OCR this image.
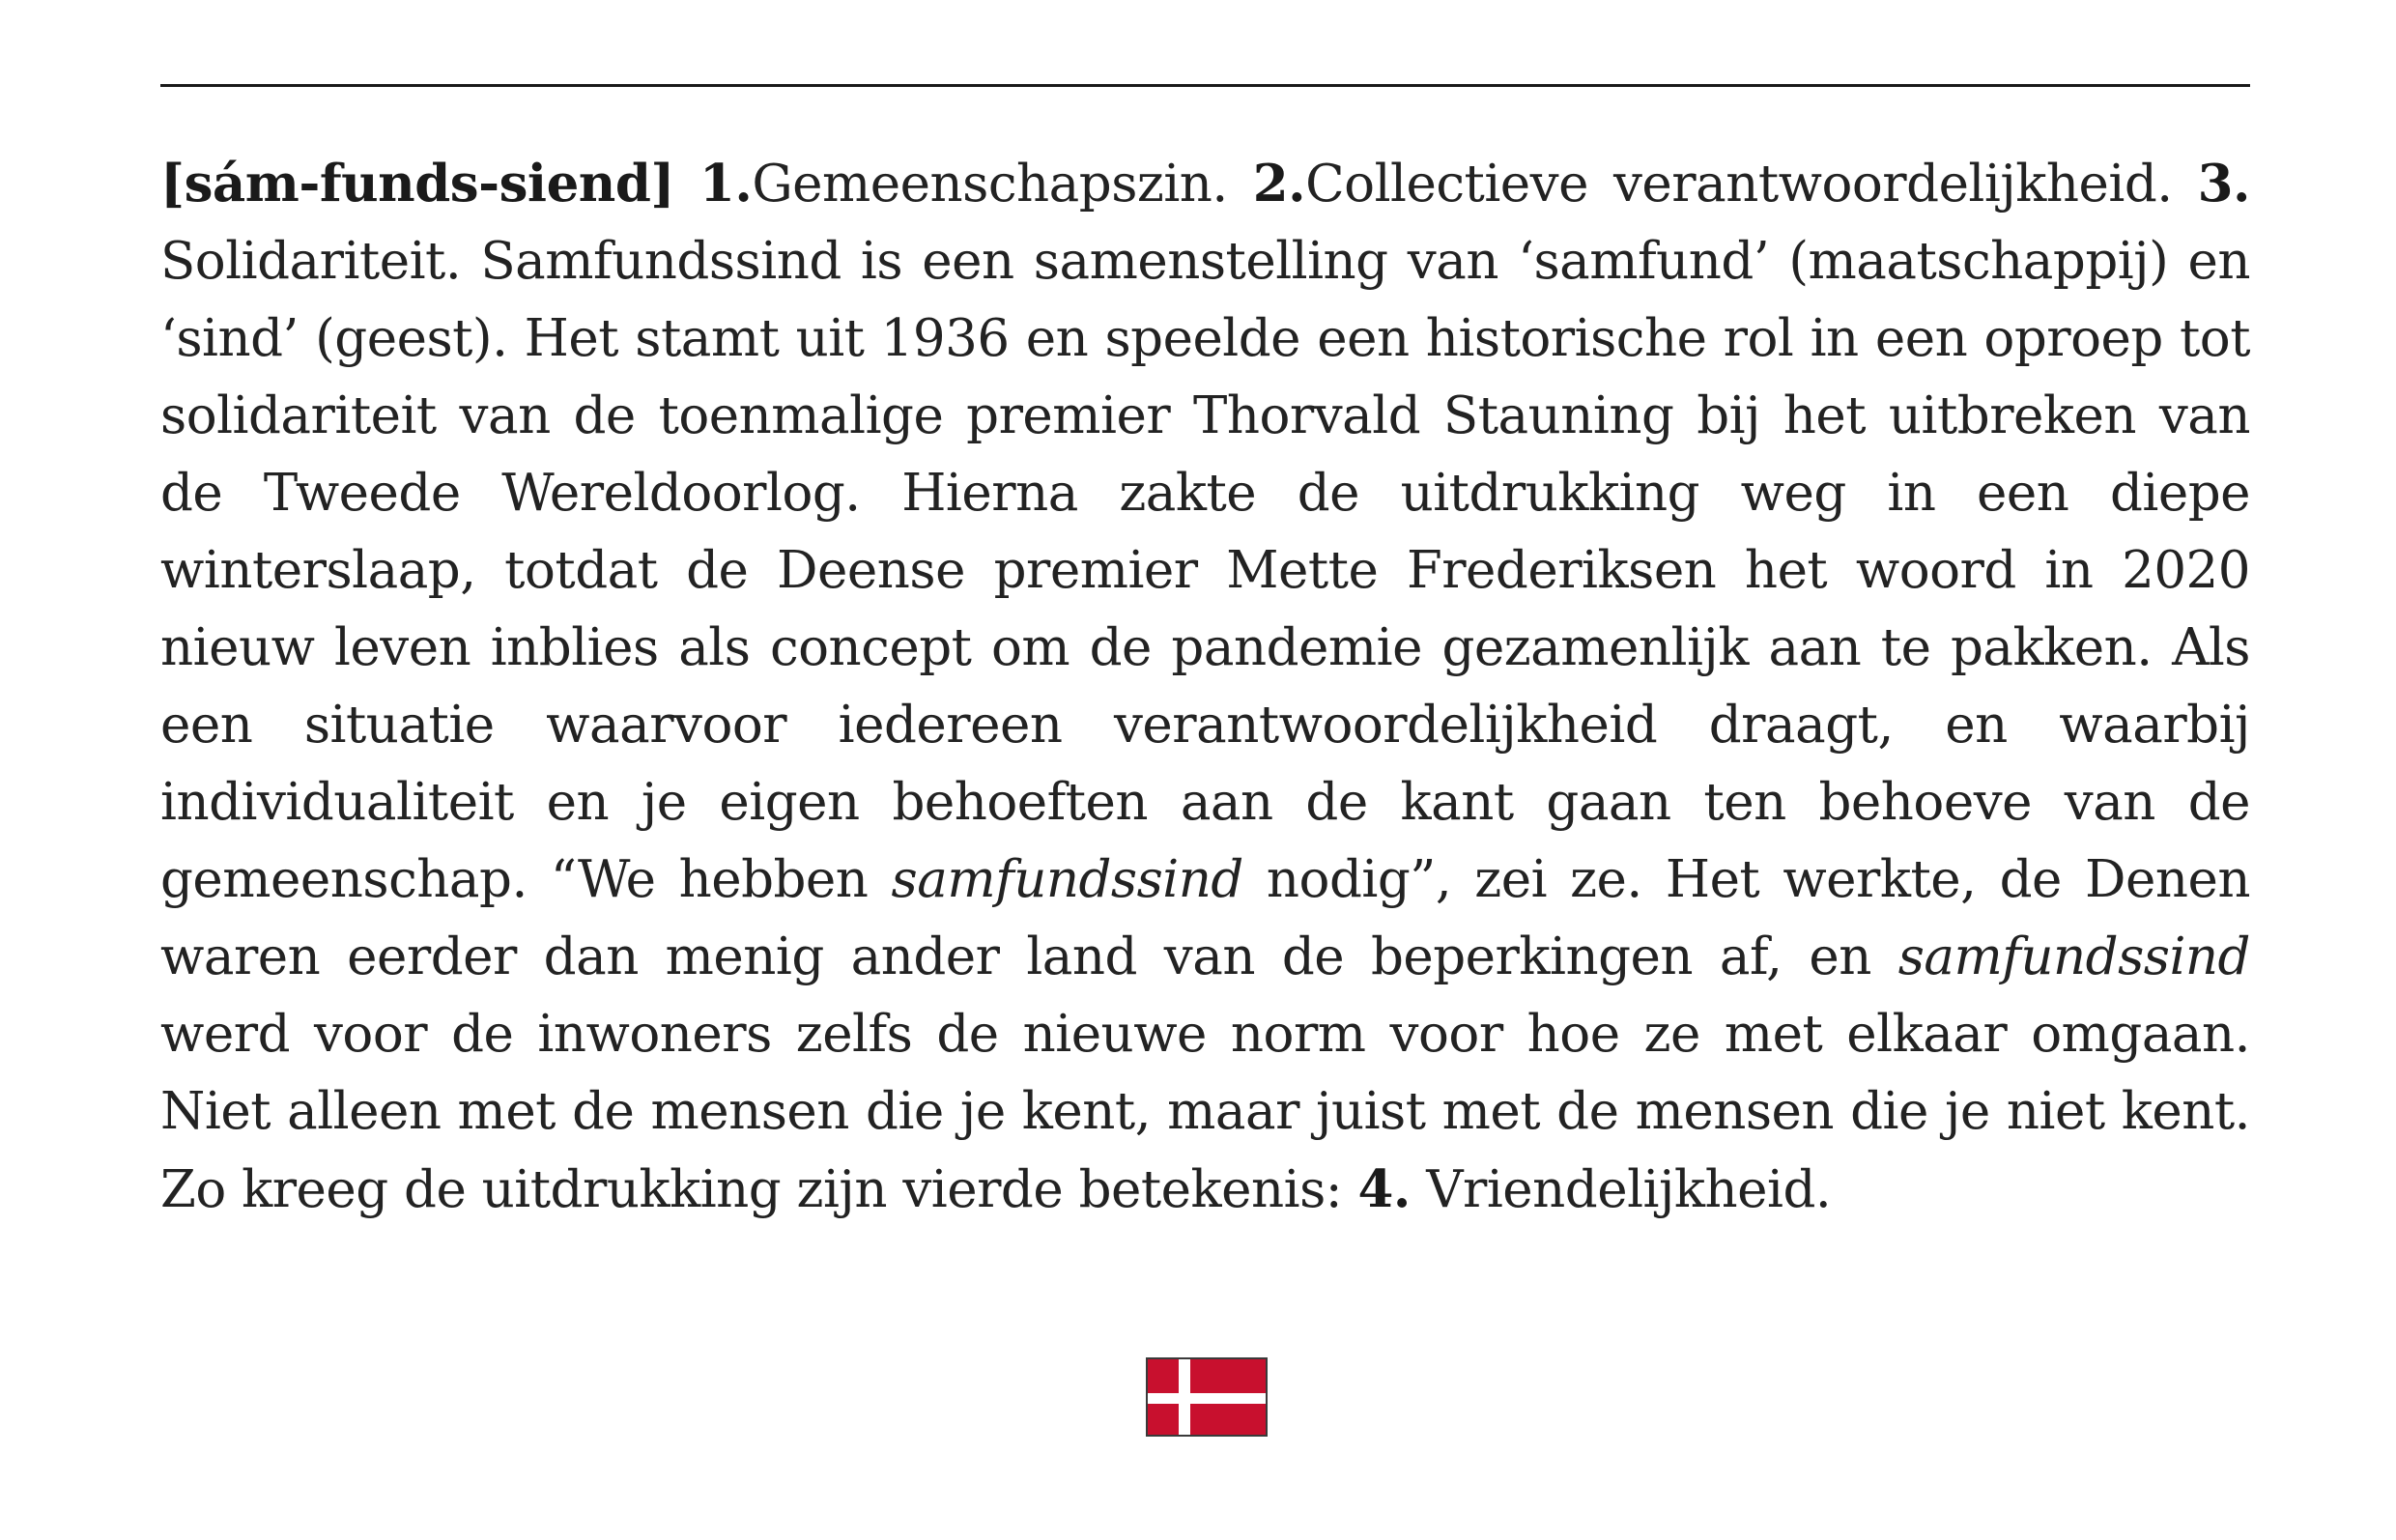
[sám-funds-siend] 1.Gemeenschapszin. 2.Collectieve verantwoordelijkheid. 3. Solidariteit. Samfundssind is een samenstelling van ‘samfund’ (maatschappij) en ‘sind’ (geest). Het stamt uit 1936 en speelde een historische rol in een oproep tot solidariteit van de toenmalige premier Thorvald Stauning bij het uitbreken van de Tweede Wereldoorlog. Hierna zakte de uitdrukking weg in een diepe winterslaap, totdat de Deense premier Mette Frederiksen het woord in 2020 nieuw leven inblies als concept om de pandemie gezamenlijk aan te pakken. Als een situatie waarvoor iedereen verantwoordelijkheid draagt, en waarbij individualiteit en je eigen behoeften aan de kant gaan ten behoeve van de gemeenschap. “We hebben samfundssind nodig”, zei ze. Het werkte, de Denen waren eerder dan menig ander land van de beperkingen af, en samfundssind werd voor de inwoners zelfs de nieuwe norm voor hoe ze met elkaar omgaan. Niet alleen met de mensen die je kent, maar juist met de mensen die je niet kent. Zo kreeg de uitdrukking zijn vierde betekenis: 4. Vriendelijkheid.
